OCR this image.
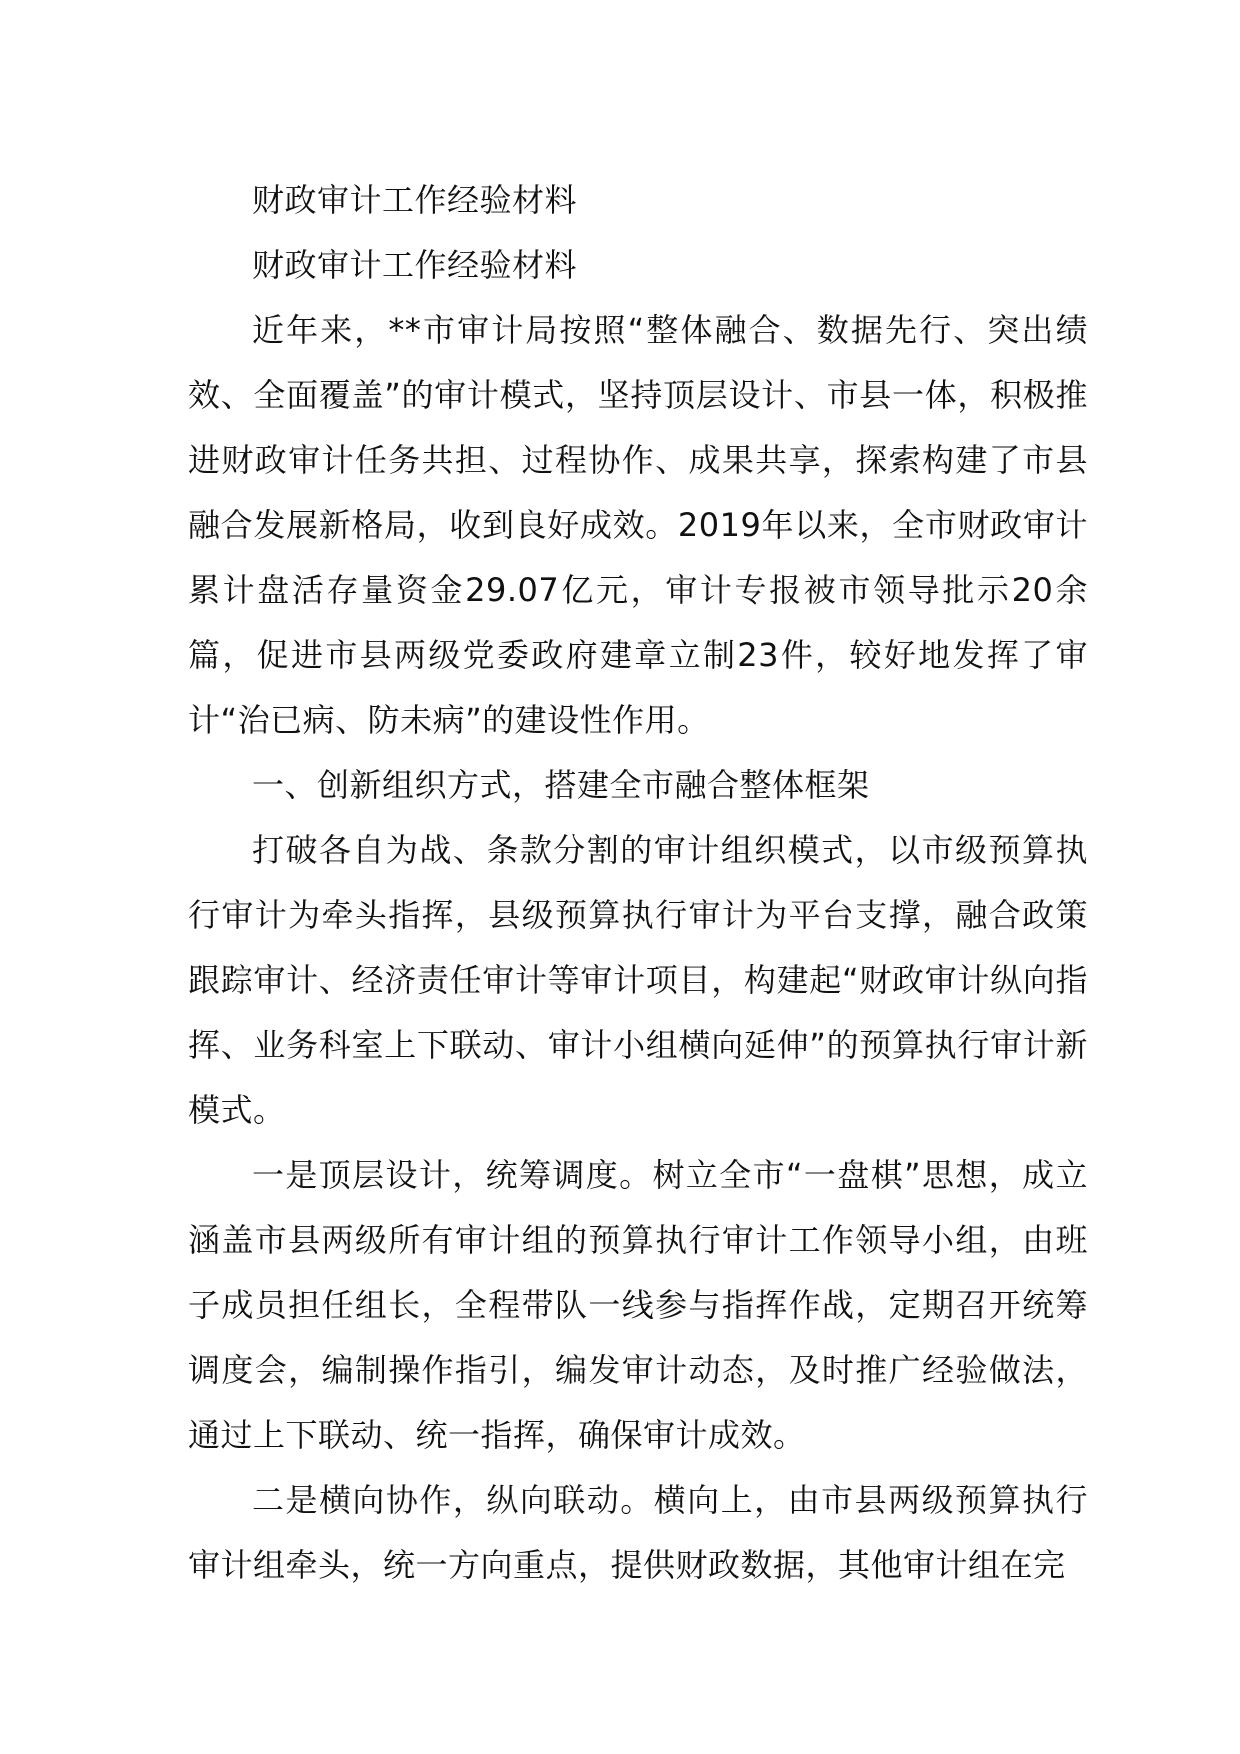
财政审计工作经验材料

财政审计工作经验材料

近年来，**市审计局按照“整体融合、数据先行、突出绩效、全面覆盖”的审计模式，坚持顶层设计、市县一体，积极推进财政审计任务共担、过程协作、成果共享，探索构建了市县融合发展新格局，收到良好成效。2019年以来，全市财政审计累计盘活存量资金29.07亿元，审计专报被市领导批示20余篇，促进市县两级党委政府建章立制23件，较好地发挥了审计“治已病、防未病”的建设性作用。

一、创新组织方式，搭建全市融合整体框架

打破各自为战、条款分割的审计组织模式，以市级预算执行审计为牵头指挥，县级预算执行审计为平台支撑，融合政策跟踪审计、经济责任审计等审计项目，构建起“财政审计纵向指挥、业务科室上下联动、审计小组横向延伸”的预算执行审计新模式。

一是顶层设计，统筹调度。树立全市“一盘棋”思想，成立涵盖市县两级所有审计组的预算执行审计工作领导小组，由班子成员担任组长，全程带队一线参与指挥作战，定期召开统筹调度会，编制操作指引，编发审计动态，及时推广经验做法，通过上下联动、统一指挥，确保审计成效。

二是横向协作，纵向联动。横向上，由市县两级预算执行审计组牵头，统一方向重点，提供财政数据，其他审计组在完
